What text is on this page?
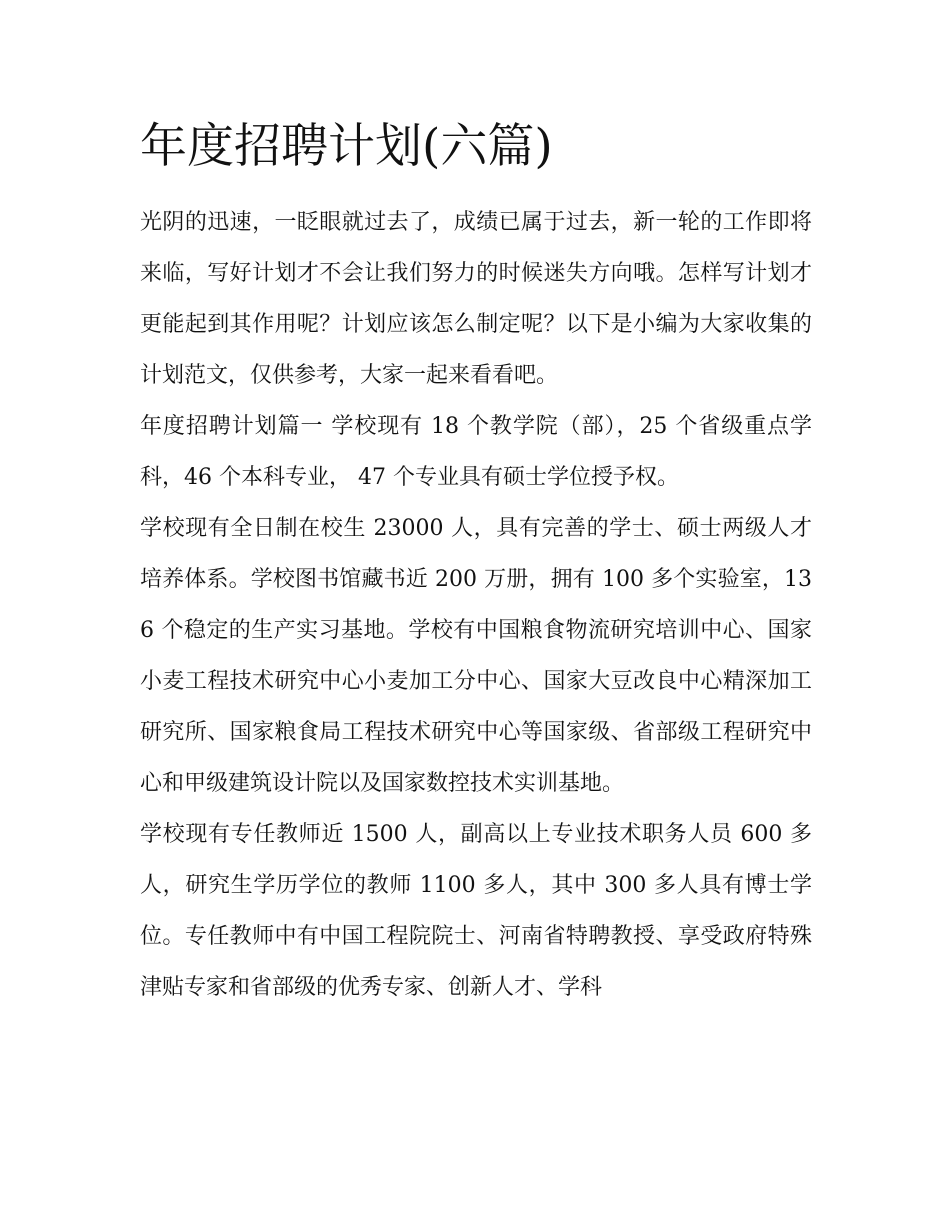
年度招聘计划(六篇)

光阴的迅速，一眨眼就过去了，成绩已属于过去，新一轮的工作即将来临，写好计划才不会让我们努力的时候迷失方向哦。怎样写计划才更能起到其作用呢？计划应该怎么制定呢？以下是小编为大家收集的计划范文，仅供参考，大家一起来看看吧。

年度招聘计划篇一 学校现有 18 个教学院（部），25 个省级重点学科，46 个本科专业， 47 个专业具有硕士学位授予权。

学校现有全日制在校生 23000 人，具有完善的学士、硕士两级人才培养体系。学校图书馆藏书近 200 万册，拥有 100 多个实验室，136 个稳定的生产实习基地。学校有中国粮食物流研究培训中心、国家小麦工程技术研究中心小麦加工分中心、国家大豆改良中心精深加工研究所、国家粮食局工程技术研究中心等国家级、省部级工程研究中心和甲级建筑设计院以及国家数控技术实训基地。

学校现有专任教师近 1500 人，副高以上专业技术职务人员 600 多人，研究生学历学位的教师 1100 多人，其中 300 多人具有博士学位。专任教师中有中国工程院院士、河南省特聘教授、享受政府特殊津贴专家和省部级的优秀专家、创新人才、学科
